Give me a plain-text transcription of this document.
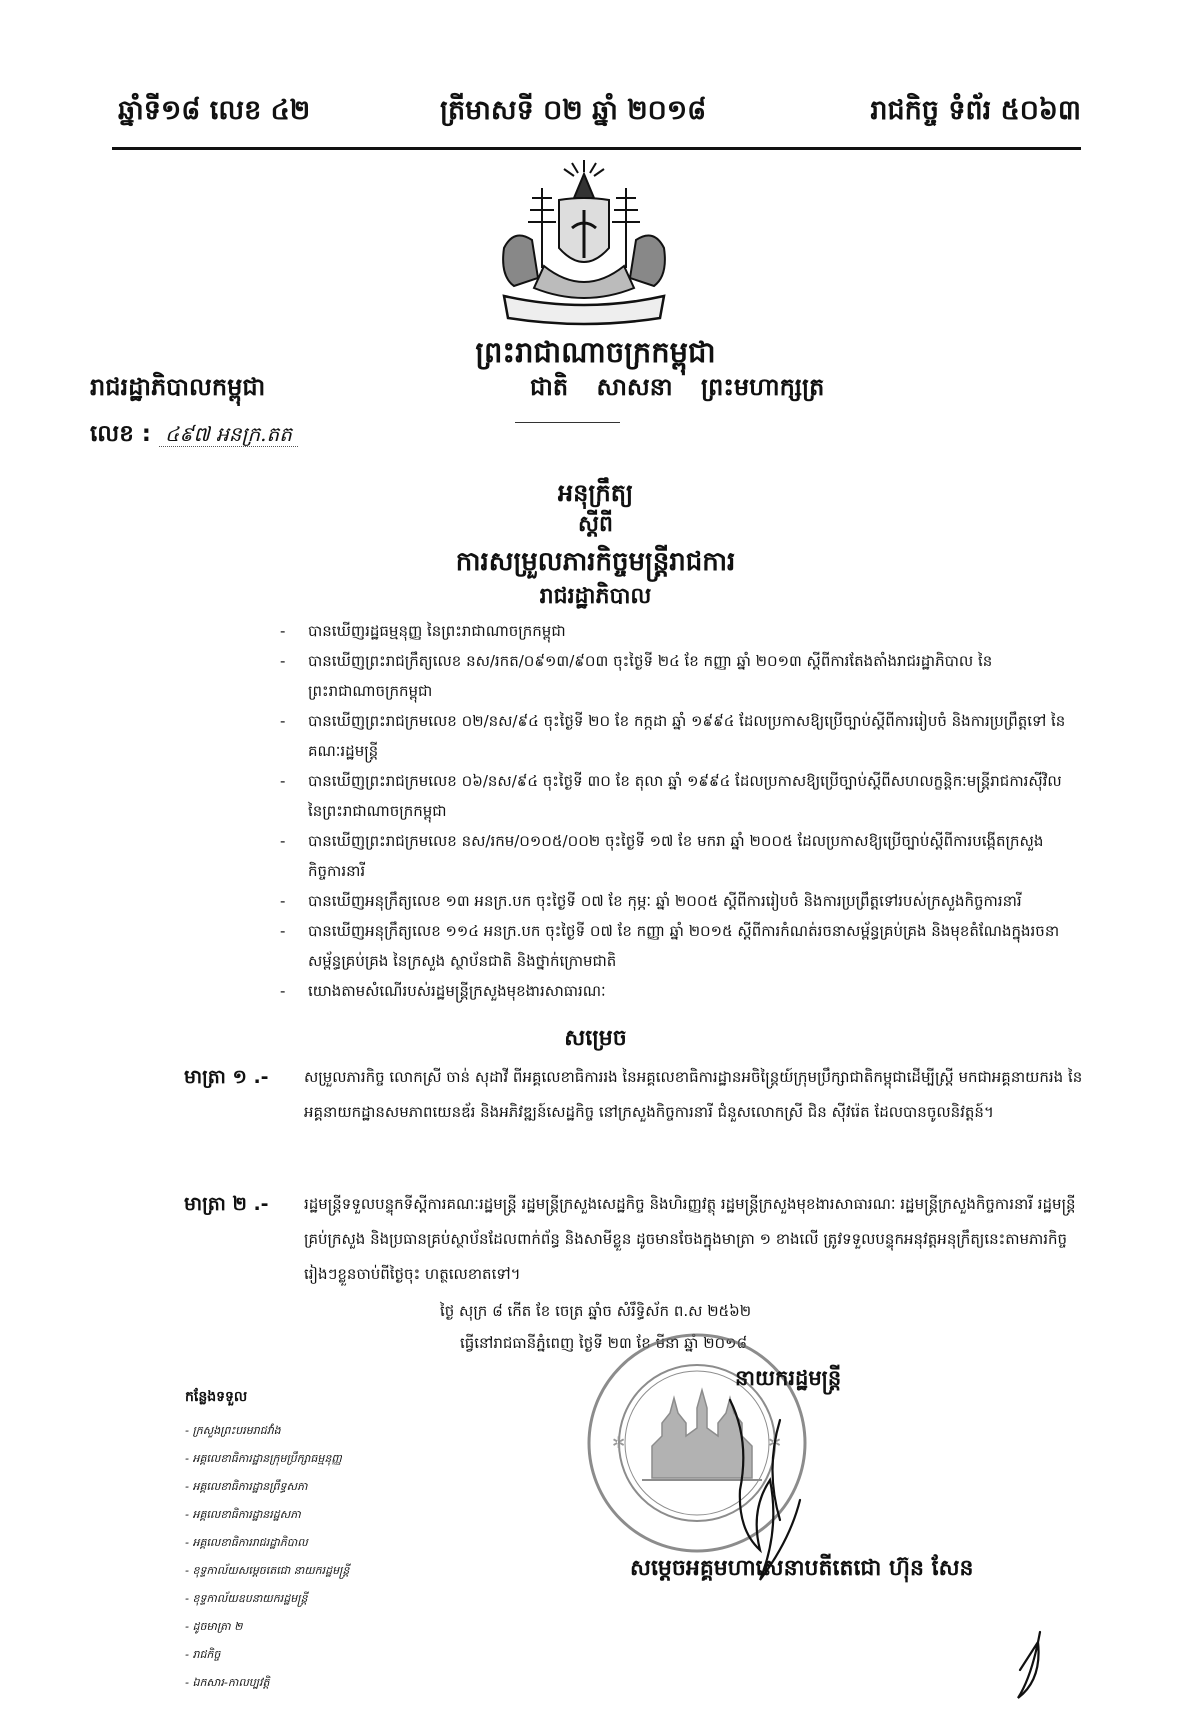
ឆ្នាំទី១៨ លេខ ៤២	ត្រីមាសទី ០២ ឆ្នាំ ២០១៨	រាជកិច្ច ទំព័រ ៥០៦៣
ព្រះរាជាណាចក្រកម្ពុជា
រាជរដ្ឋាភិបាលកម្ពុជា	ជាតិ សាសនា ព្រះមហាក្សត្រ
លេខ : ៤៩៧ អនក្រ.តត
អនុក្រឹត្យ
ស្ដីពី
ការសម្រួលភារកិច្ចមន្ត្រីរាជការ
រាជរដ្ឋាភិបាល
- បានឃើញរដ្ឋធម្មនុញ្ញ នៃព្រះរាជាណាចក្រកម្ពុជា
- បានឃើញព្រះរាជក្រឹត្យលេខ នស/រកត/០៩១៣/៩០៣ ចុះថ្ងៃទី ២៤ ខែ កញ្ញា ឆ្នាំ ២០១៣ ស្ដីពីការតែងតាំងរាជរដ្ឋាភិបាល នៃព្រះរាជាណាចក្រកម្ពុជា
- បានឃើញព្រះរាជក្រមលេខ ០២/នស/៩៤ ចុះថ្ងៃទី ២០ ខែ កក្កដា ឆ្នាំ ១៩៩៤ ដែលប្រកាសឱ្យប្រើច្បាប់ស្ដីពីការរៀបចំ និងការប្រព្រឹត្តទៅ នៃគណៈរដ្ឋមន្ត្រី
- បានឃើញព្រះរាជក្រមលេខ ០៦/នស/៩៤ ចុះថ្ងៃទី ៣០ ខែ តុលា ឆ្នាំ ១៩៩៤ ដែលប្រកាសឱ្យប្រើច្បាប់ស្ដីពីសហលក្ខន្តិកៈមន្ត្រីរាជការស៊ីវិល នៃព្រះរាជាណាចក្រកម្ពុជា
- បានឃើញព្រះរាជក្រមលេខ នស/រកម/០១០៥/០០២ ចុះថ្ងៃទី ១៧ ខែ មករា ឆ្នាំ ២០០៥ ដែលប្រកាសឱ្យប្រើច្បាប់ស្ដីពីការបង្កើតក្រសួងកិច្ចការនារី
- បានឃើញអនុក្រឹត្យលេខ ១៣ អនក្រ.បក ចុះថ្ងៃទី ០៧ ខែ កុម្ភៈ ឆ្នាំ ២០០៥ ស្ដីពីការរៀបចំ និងការប្រព្រឹត្តទៅរបស់ក្រសួងកិច្ចការនារី
- បានឃើញអនុក្រឹត្យលេខ ១១៤ អនក្រ.បក ចុះថ្ងៃទី ០៧ ខែ កញ្ញា ឆ្នាំ ២០១៥ ស្ដីពីការកំណត់រចនាសម្ព័ន្ធគ្រប់គ្រង និងមុខតំណែងក្នុងរចនាសម្ព័ន្ធគ្រប់គ្រង នៃក្រសួង ស្ថាប័នជាតិ និងថ្នាក់ក្រោមជាតិ
- យោងតាមសំណើរបស់រដ្ឋមន្ត្រីក្រសួងមុខងារសាធារណៈ
សម្រេច
មាត្រា ១ .- សម្រួលភារកិច្ច លោកស្រី ចាន់ សុដាវី ពីអគ្គលេខាធិការរង នៃអគ្គលេខាធិការដ្ឋានអចិន្ត្រៃយ៍ក្រុមប្រឹក្សាជាតិកម្ពុជាដើម្បីស្ត្រី មកជាអគ្គនាយករង នៃអគ្គនាយកដ្ឋានសមភាពយេនឌ័រ និងអភិវឌ្ឍន៍សេដ្ឋកិច្ច នៅក្រសួងកិច្ចការនារី ជំនួសលោកស្រី ជិន ស៊ីវរ៉េត ដែលបានចូលនិវត្តន៍។
មាត្រា ២ .- រដ្ឋមន្ត្រីទទួលបន្ទុកទីស្ដីការគណៈរដ្ឋមន្ត្រី រដ្ឋមន្ត្រីក្រសួងសេដ្ឋកិច្ច និងហិរញ្ញវត្ថុ រដ្ឋមន្ត្រីក្រសួងមុខងារសាធារណៈ រដ្ឋមន្ត្រីក្រសួងកិច្ចការនារី រដ្ឋមន្ត្រីគ្រប់ក្រសួង និងប្រធានគ្រប់ស្ថាប័នដែលពាក់ព័ន្ធ និងសាមីខ្លួន ដូចមានចែងក្នុងមាត្រា ១ ខាងលើ ត្រូវទទួលបន្ទុកអនុវត្តអនុក្រឹត្យនេះតាមភារកិច្ចរៀងៗខ្លួនចាប់ពីថ្ងៃចុះ ហត្ថលេខាតទៅ។
ថ្ងៃ សុក្រ ៨ កើត ខែ ចេត្រ ឆ្នាំច សំរឹទ្ធិស័ក ព.ស ២៥៦២
ធ្វើនៅរាជធានីភ្នំពេញ ថ្ងៃទី ២៣ ខែ មីនា ឆ្នាំ ២០១៨
✲	✲
នាយករដ្ឋមន្ត្រី
កន្លែងទទួល
- ក្រសួងព្រះបរមរាជវាំង
- អគ្គលេខាធិការដ្ឋានក្រុមប្រឹក្សាធម្មនុញ្ញ
- អគ្គលេខាធិការដ្ឋានព្រឹទ្ធសភា
- អគ្គលេខាធិការដ្ឋានរដ្ឋសភា
- អគ្គលេខាធិការរាជរដ្ឋាភិបាល
- ខុទ្ទកាល័យសម្ដេចតេជោ នាយករដ្ឋមន្ត្រី
- ខុទ្ទកាល័យឧបនាយករដ្ឋមន្ត្រី
- ដូចមាត្រា ២
- រាជកិច្ច
- ឯកសារ-កាលប្បវត្តិ
សម្ដេចអគ្គមហាសេនាបតីតេជោ ហ៊ុន សែន
